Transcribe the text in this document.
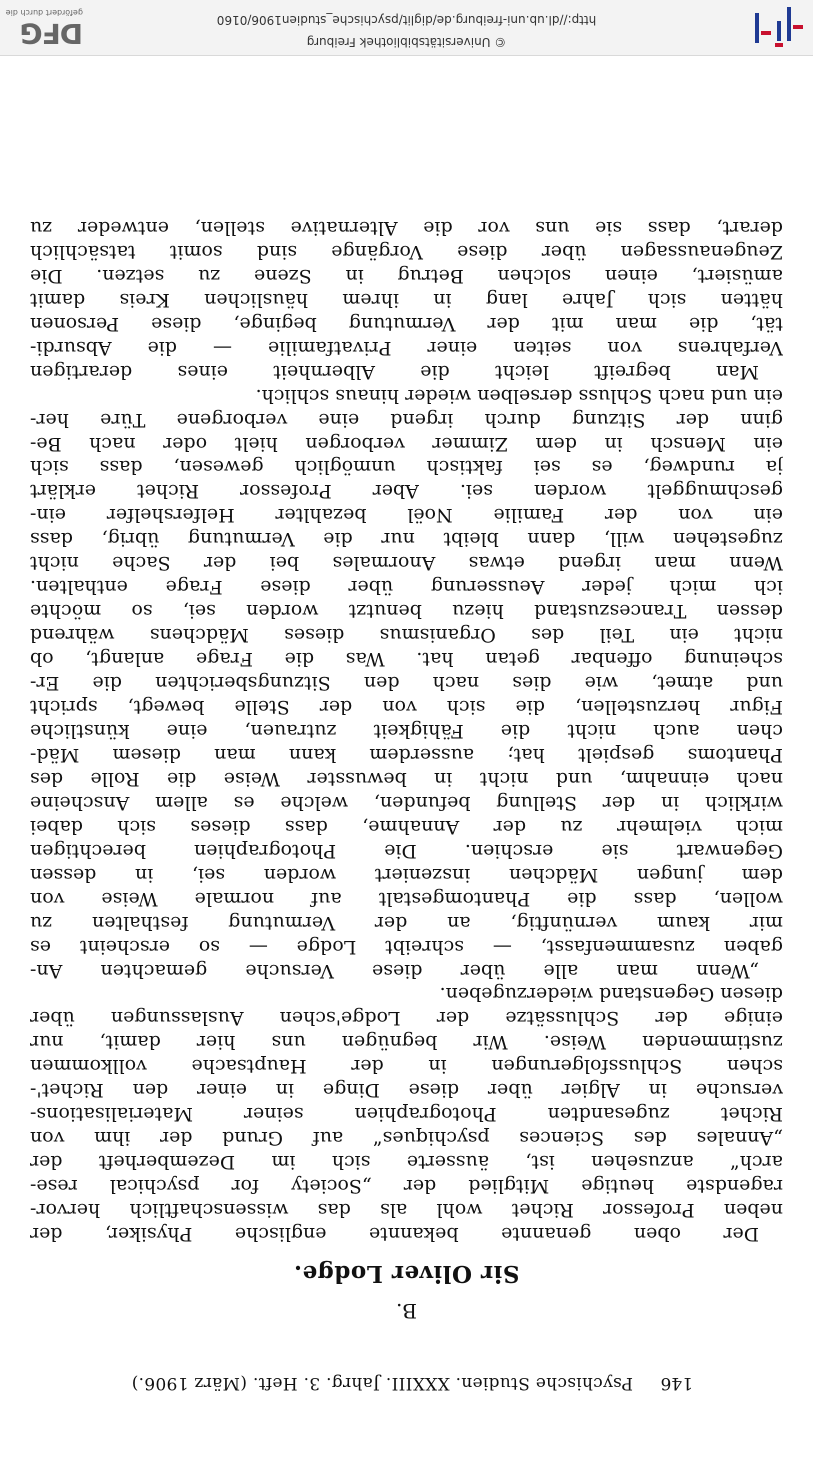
146
Psychische Studien. XXXIII. Jahrg. 3. Heft. (März 1906.)
B.
Sir Oliver Lodge.
Der oben genannte bekannte englische Physiker, der
neben Professor Richet wohl als das wissenschaftlich hervor-
ragendste heutige Mitglied der „Society for psychical rese-
arch“ anzusehen ist, äusserte sich im Dezemberheft der
„Annales des Sciences psychiques“ auf Grund der ihm von
Richet zugesandten Photographien seiner Materialisations-
versuche in Algier über diese Dinge in einer den Richet'-
schen Schlussfolgerungen in der Hauptsache vollkommen
zustimmenden Weise. Wir begnügen uns hier damit, nur
einige der Schlussätze der Lodge'schen Auslassungen über
diesen Gegenstand wiederzugeben.
„Wenn man alle über diese Versuche gemachten An-
gaben zusammenfasst, — schreibt Lodge — so erscheint es
mir kaum vernünftig, an der Vermutung festhalten zu
wollen, dass die Phantomgestalt auf normale Weise von
dem jungen Mädchen inszeniert worden sei, in dessen
Gegenwart sie erschien. Die Photographien berechtigen
mich vielmehr zu der Annahme, dass dieses sich dabei
wirklich in der Stellung befunden, welche es allem Anscheine
nach einnahm, und nicht in bewusster Weise die Rolle des
Phantoms gespielt hat; ausserdem kann man diesem Mäd-
chen auch nicht die Fähigkeit zutrauen, eine künstliche
Figur herzustellen, die sich von der Stelle bewegt, spricht
und atmet, wie dies nach den Sitzungsberichten die Er-
scheinung offenbar getan hat. Was die Frage anlangt, ob
nicht ein Teil des Organismus dieses Mädchens während
dessen Tranceszustand hiezu benutzt worden sei, so möchte
ich mich jeder Aeusserung über diese Frage enthalten.
Wenn man irgend etwas Anormales bei der Sache nicht
zugestehen will, dann bleibt nur die Vermutung übrig, dass
ein von der Familie Noël bezahlter Helfershelfer ein-
geschmuggelt worden sei. Aber Professor Richet erklärt
ja rundweg, es sei faktisch unmöglich gewesen, dass sich
ein Mensch in dem Zimmer verborgen hielt oder nach Be-
ginn der Sitzung durch irgend eine verborgene Türe her-
ein und nach Schluss derselben wieder hinaus schlich.
Man begreift leicht die Albernheit eines derartigen
Verfahrens von seiten einer Privatfamilie — die Absurdi-
tät, die man mit der Vermutung beginge, diese Personen
hätten sich Jahre lang in ihrem häuslichen Kreis damit
amüsiert, einen solchen Betrug in Szene zu setzen. Die
Zeugenaussagen über diese Vorgänge sind somit tatsächlich
derart, dass sie uns vor die Alternative stellen, entweder zu
© Universitätsbibliothek Freiburg
http://dl.ub.uni-freiburg.de/diglit/psychische_studien1906/0160
DFG
gefördert durch die
